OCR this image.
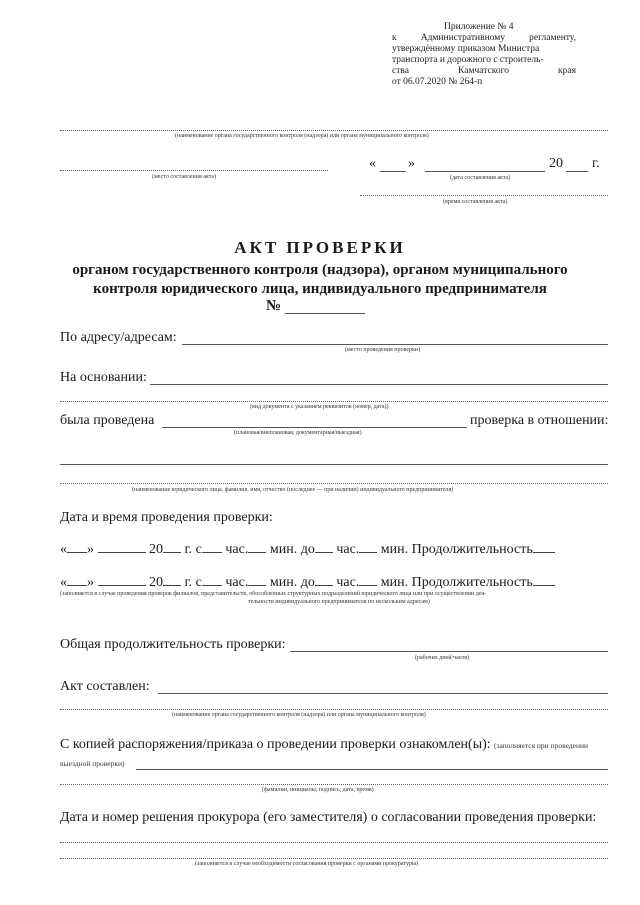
Приложение № 4
к	Административному	регламенту,
утверждённому приказом Министра
транспорта и дорожного с строитель-
ства	Камчатского	края
от 06.07.2020 № 264-п
(наименование органа государственного контроля (надзора) или органа муниципального контроля)
(место составления акта)
« »	20 г.
(дата составления акта)
(время составления акта)
АКТ ПРОВЕРКИ
органом государственного контроля (надзора), органом муниципального
контроля юридического лица, индивидуального предпринимателя
№
По адресу/адресам:
(место проведения проверки)
На основании:
(вид документа с указанием реквизитов (номер, дата))
была проведена	проверка в отношении:
(плановая/внеплановая, документарная/выездная)
(наименование юридического лица, фамилия, имя, отчество (последнее — при наличии) индивидуального предпринимателя)
Дата и время проведения проверки:
« »	20 г. с час. мин. до час. мин. Продолжительность
« »	20 г. с час. мин. до час. мин. Продолжительность
(заполняется в случае проведения проверок филиалов, представительств, обособленных структурных подразделений юридического лица или при осуществлении дея-
тельности индивидуального предпринимателя по нескольким адресам)
Общая продолжительность проверки:
(рабочих дней/часов)
Акт составлен:
(наименование органа государственного контроля (надзора) или органа муниципального контроля)
С копией распоряжения/приказа о проведении проверки ознакомлен(ы): (заполняется при проведении
выездной проверки)
(фамилии, инициалы, подпись, дата, время)
Дата и номер решения прокурора (его заместителя) о согласовании проведения проверки:
(заполняется в случае необходимости согласования проверки с органами прокуратуры)
